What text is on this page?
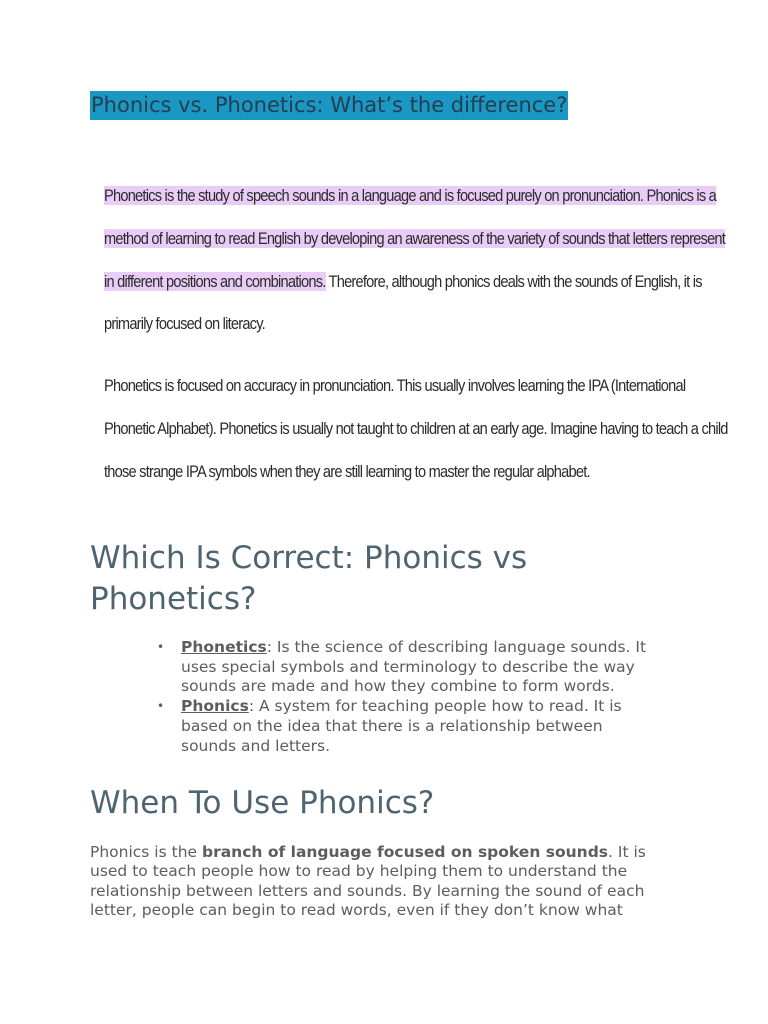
Phonics vs. Phonetics: What’s the difference?
Phonetics is the study of speech sounds in a language and is focused purely on pronunciation. Phonics is a
method of learning to read English by developing an awareness of the variety of sounds that letters represent
in different positions and combinations. Therefore, although phonics deals with the sounds of English, it is
primarily focused on literacy.
Phonetics is focused on accuracy in pronunciation. This usually involves learning the IPA (International
Phonetic Alphabet). Phonetics is usually not taught to children at an early age. Imagine having to teach a child
those strange IPA symbols when they are still learning to master the regular alphabet.
Which Is Correct: Phonics vs
Phonetics?
• Phonetics: Is the science of describing language sounds. It
uses special symbols and terminology to describe the way
sounds are made and how they combine to form words.
• Phonics: A system for teaching people how to read. It is
based on the idea that there is a relationship between
sounds and letters.
When To Use Phonics?

Phonics is the branch of language focused on spoken sounds. It is
used to teach people how to read by helping them to understand the
relationship between letters and sounds. By learning the sound of each
letter, people can begin to read words, even if they don’t know what
